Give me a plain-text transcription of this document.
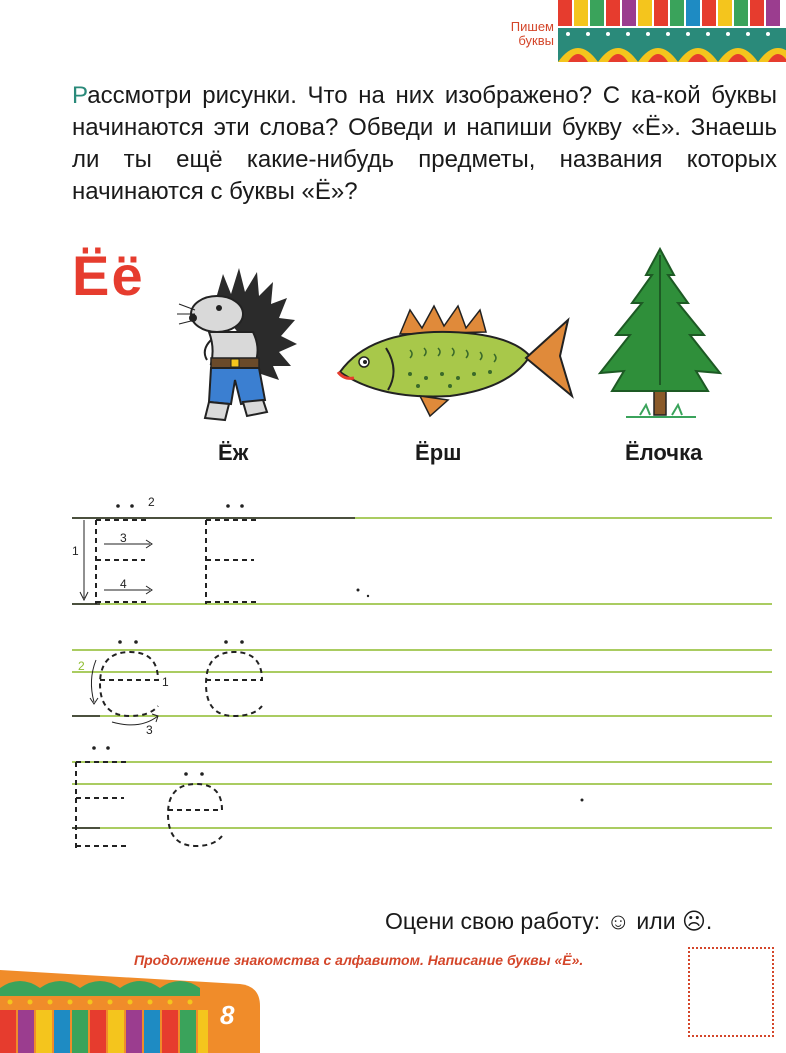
Пишем
буквы
Рассмотри рисунки. Что на них изображено? С ка-кой буквы начинаются эти слова? Обведи и напиши букву «Ё». Знаешь ли ты ещё какие-нибудь предметы, названия которых начинаются с буквы «Ё»?
Ёё
Ёж	Ёрш	Ёлочка
1
2
3
4
1
2
3
Оцени свою работу: ☺ или ☹.
Продолжение знакомства с алфавитом. Написание буквы «Ё».
8
